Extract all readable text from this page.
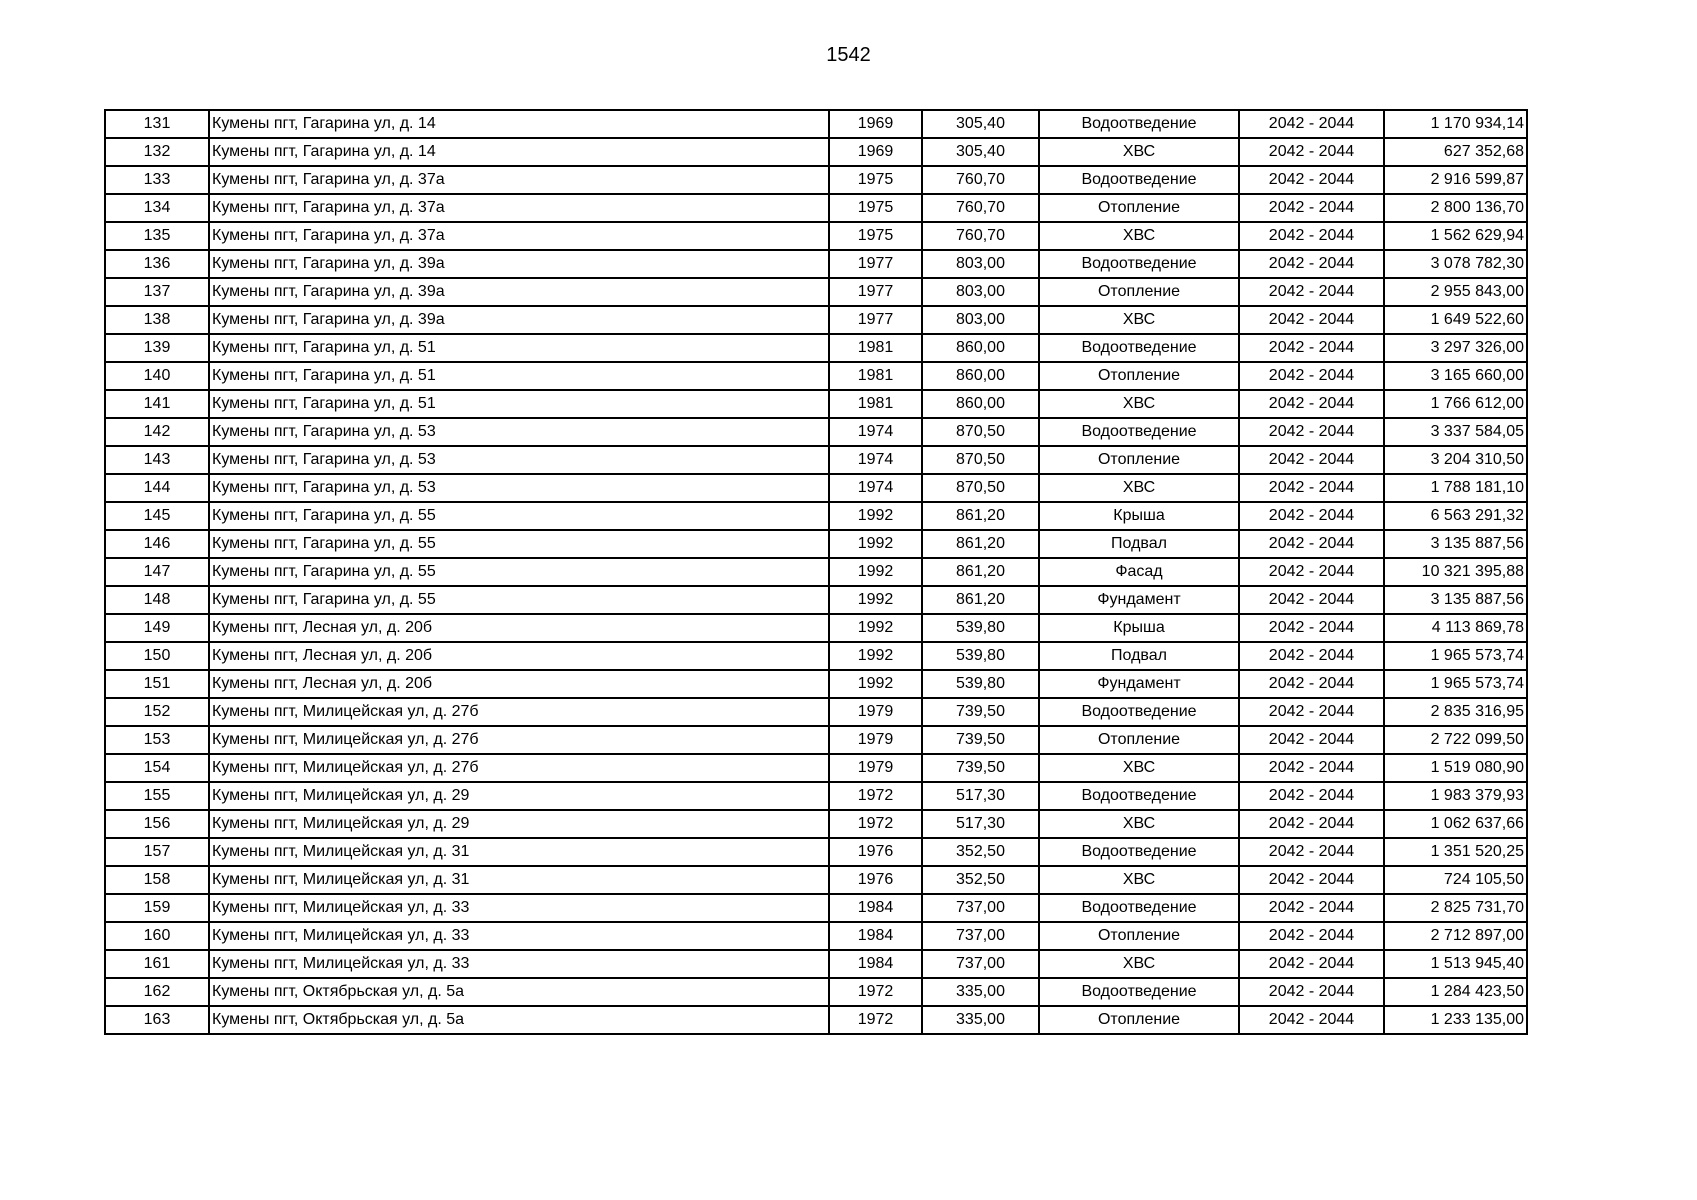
1542
131	Кумены пгт, Гагарина ул, д. 14	1969	305,40	Водоотведение	2042 - 2044	1 170 934,14
132	Кумены пгт, Гагарина ул, д. 14	1969	305,40	ХВС	2042 - 2044	627 352,68
133	Кумены пгт, Гагарина ул, д. 37а	1975	760,70	Водоотведение	2042 - 2044	2 916 599,87
134	Кумены пгт, Гагарина ул, д. 37а	1975	760,70	Отопление	2042 - 2044	2 800 136,70
135	Кумены пгт, Гагарина ул, д. 37а	1975	760,70	ХВС	2042 - 2044	1 562 629,94
136	Кумены пгт, Гагарина ул, д. 39а	1977	803,00	Водоотведение	2042 - 2044	3 078 782,30
137	Кумены пгт, Гагарина ул, д. 39а	1977	803,00	Отопление	2042 - 2044	2 955 843,00
138	Кумены пгт, Гагарина ул, д. 39а	1977	803,00	ХВС	2042 - 2044	1 649 522,60
139	Кумены пгт, Гагарина ул, д. 51	1981	860,00	Водоотведение	2042 - 2044	3 297 326,00
140	Кумены пгт, Гагарина ул, д. 51	1981	860,00	Отопление	2042 - 2044	3 165 660,00
141	Кумены пгт, Гагарина ул, д. 51	1981	860,00	ХВС	2042 - 2044	1 766 612,00
142	Кумены пгт, Гагарина ул, д. 53	1974	870,50	Водоотведение	2042 - 2044	3 337 584,05
143	Кумены пгт, Гагарина ул, д. 53	1974	870,50	Отопление	2042 - 2044	3 204 310,50
144	Кумены пгт, Гагарина ул, д. 53	1974	870,50	ХВС	2042 - 2044	1 788 181,10
145	Кумены пгт, Гагарина ул, д. 55	1992	861,20	Крыша	2042 - 2044	6 563 291,32
146	Кумены пгт, Гагарина ул, д. 55	1992	861,20	Подвал	2042 - 2044	3 135 887,56
147	Кумены пгт, Гагарина ул, д. 55	1992	861,20	Фасад	2042 - 2044	10 321 395,88
148	Кумены пгт, Гагарина ул, д. 55	1992	861,20	Фундамент	2042 - 2044	3 135 887,56
149	Кумены пгт, Лесная ул, д. 20б	1992	539,80	Крыша	2042 - 2044	4 113 869,78
150	Кумены пгт, Лесная ул, д. 20б	1992	539,80	Подвал	2042 - 2044	1 965 573,74
151	Кумены пгт, Лесная ул, д. 20б	1992	539,80	Фундамент	2042 - 2044	1 965 573,74
152	Кумены пгт, Милицейская ул, д. 27б	1979	739,50	Водоотведение	2042 - 2044	2 835 316,95
153	Кумены пгт, Милицейская ул, д. 27б	1979	739,50	Отопление	2042 - 2044	2 722 099,50
154	Кумены пгт, Милицейская ул, д. 27б	1979	739,50	ХВС	2042 - 2044	1 519 080,90
155	Кумены пгт, Милицейская ул, д. 29	1972	517,30	Водоотведение	2042 - 2044	1 983 379,93
156	Кумены пгт, Милицейская ул, д. 29	1972	517,30	ХВС	2042 - 2044	1 062 637,66
157	Кумены пгт, Милицейская ул, д. 31	1976	352,50	Водоотведение	2042 - 2044	1 351 520,25
158	Кумены пгт, Милицейская ул, д. 31	1976	352,50	ХВС	2042 - 2044	724 105,50
159	Кумены пгт, Милицейская ул, д. 33	1984	737,00	Водоотведение	2042 - 2044	2 825 731,70
160	Кумены пгт, Милицейская ул, д. 33	1984	737,00	Отопление	2042 - 2044	2 712 897,00
161	Кумены пгт, Милицейская ул, д. 33	1984	737,00	ХВС	2042 - 2044	1 513 945,40
162	Кумены пгт, Октябрьская ул, д. 5а	1972	335,00	Водоотведение	2042 - 2044	1 284 423,50
163	Кумены пгт, Октябрьская ул, д. 5а	1972	335,00	Отопление	2042 - 2044	1 233 135,00
